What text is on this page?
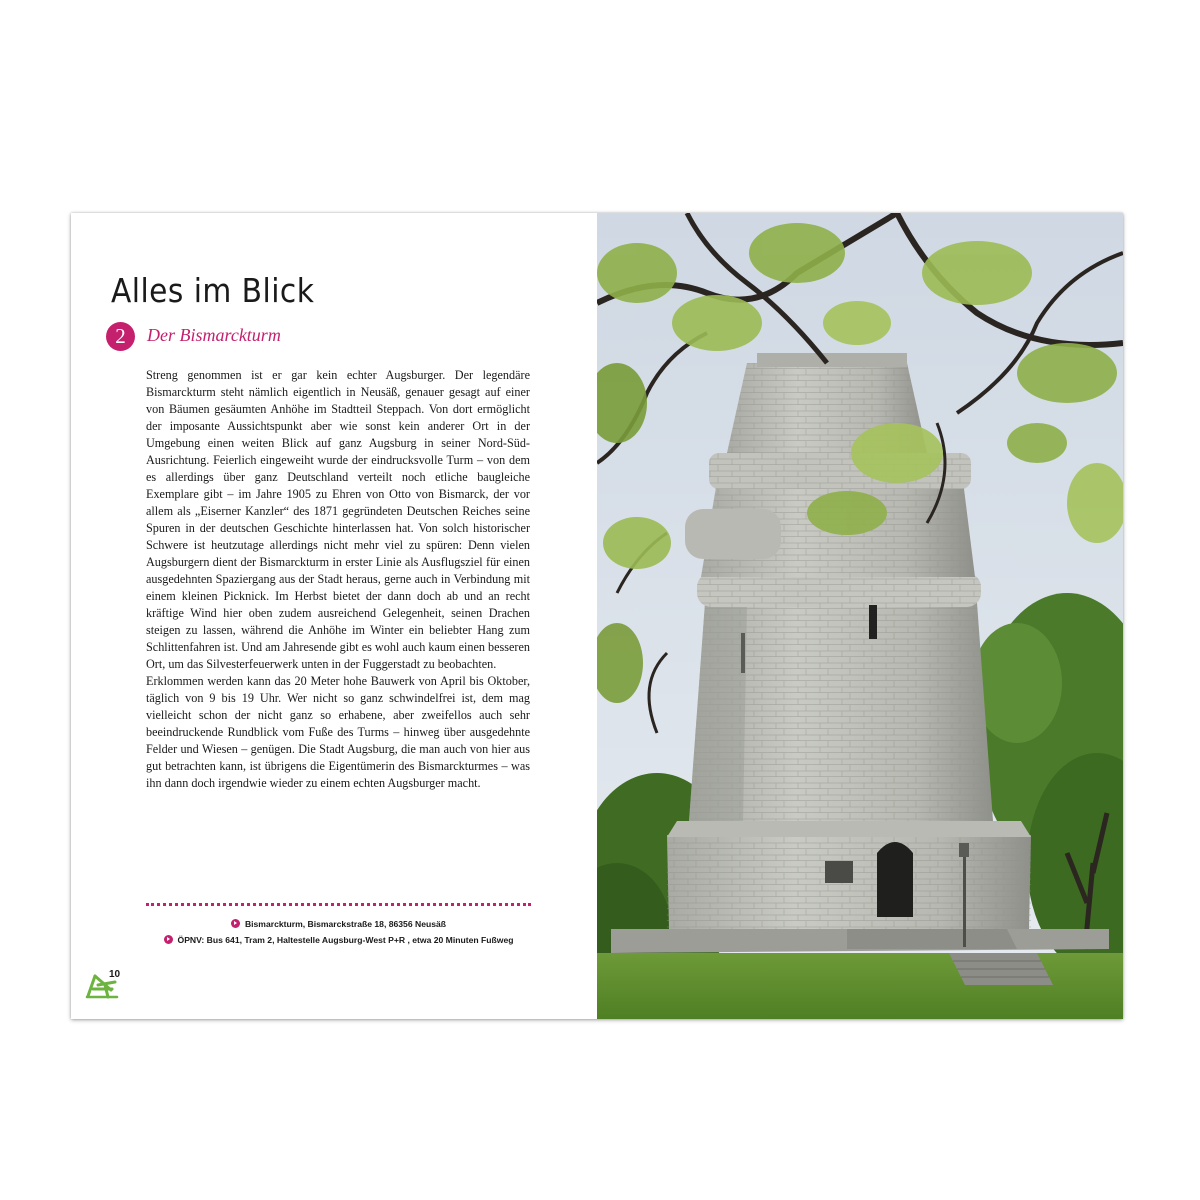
Alles im Blick
2	Der Bismarckturm

Streng genommen ist er gar kein echter Augsburger. Der legendäre Bismarckturm steht nämlich eigentlich in Neusäß, genauer gesagt auf einer von Bäumen gesäumten Anhöhe im Stadtteil Steppach. Von dort ermöglicht der imposante Aussichtspunkt aber wie sonst kein anderer Ort in der Umgebung einen weiten Blick auf ganz Augsburg in seiner Nord-Süd-Ausrichtung. Feierlich eingeweiht wurde der eindrucksvolle Turm – von dem es allerdings über ganz Deutschland verteilt noch etliche baugleiche Exemplare gibt – im Jahre 1905 zu Ehren von Otto von Bismarck, der vor allem als „Eiserner Kanzler“ des 1871 gegründeten Deutschen Reiches seine Spuren in der deutschen Geschichte hinterlassen hat. Von solch historischer Schwere ist heutzutage allerdings nicht mehr viel zu spüren: Denn vielen Augsburgern dient der Bismarckturm in erster Linie als Ausflugsziel für einen ausgedehnten Spaziergang aus der Stadt heraus, gerne auch in Verbindung mit einem kleinen Picknick. Im Herbst bietet der dann doch ab und an recht kräftige Wind hier oben zudem ausreichend Gelegenheit, seinen Drachen steigen zu lassen, während die Anhöhe im Winter ein beliebter Hang zum Schlittenfahren ist. Und am Jahresende gibt es wohl auch kaum einen besseren Ort, um das Silvesterfeuerwerk unten in der Fuggerstadt zu beobachten.

Erklommen werden kann das 20 Meter hohe Bauwerk von April bis Oktober, täglich von 9 bis 19 Uhr. Wer nicht so ganz schwindelfrei ist, dem mag vielleicht schon der nicht ganz so erhabene, aber zweifellos auch sehr beeindruckende Rundblick vom Fuße des Turms – hinweg über ausgedehnte Felder und Wiesen – genügen. Die Stadt Augsburg, die man auch von hier aus gut betrachten kann, ist übrigens die Eigentümerin des Bismarckturmes – was ihn dann doch irgendwie wieder zu einem echten Augsburger macht.

Bismarckturm, Bismarckstraße 18, 86356 Neusäß
ÖPNV: Bus 641, Tram 2, Haltestelle Augsburg-West P+R , etwa 20 Minuten Fußweg
10
